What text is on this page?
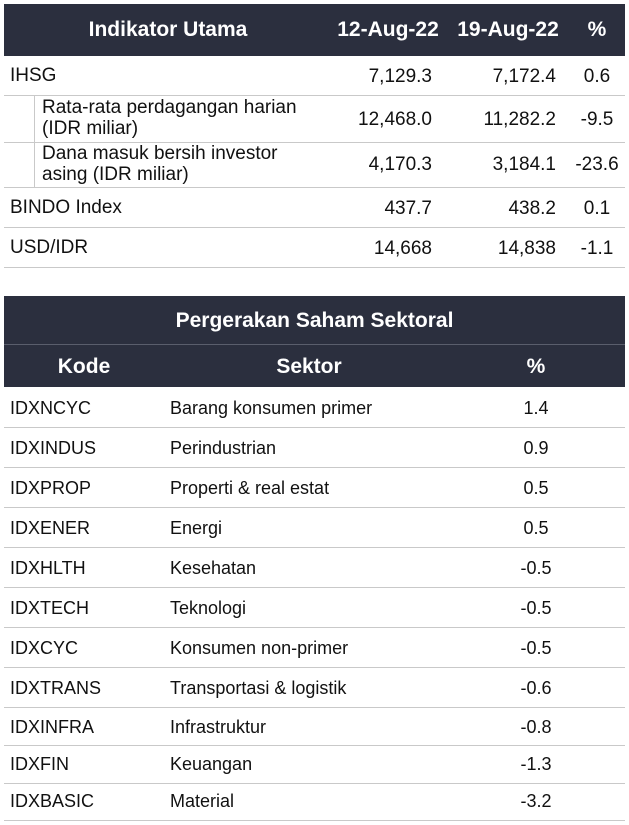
Indikator Utama	12-Aug-22 19-Aug-22	%
IHSG	7,129.3	7,172.4	0.6
Rata-rata perdagangan harian
(IDR miliar)	12,468.0	11,282.2	-9.5
Dana masuk bersih investor
asing (IDR miliar)	4,170.3	3,184.1 -23.6
BINDO Index	437.7	438.2	0.1
USD/IDR	14,668	14,838	-1.1
Pergerakan Saham Sektoral
Kode	Sektor	%
IDXNCYC	Barang konsumen primer	1.4
IDXINDUS	Perindustrian	0.9
IDXPROP	Properti & real estat	0.5
IDXENER	Energi	0.5
IDXHLTH	Kesehatan	-0.5
IDXTECH	Teknologi	-0.5
IDXCYC	Konsumen non-primer	-0.5
IDXTRANS	Transportasi & logistik	-0.6
IDXINFRA	Infrastruktur	-0.8
IDXFIN	Keuangan	-1.3
IDXBASIC	Material	-3.2
